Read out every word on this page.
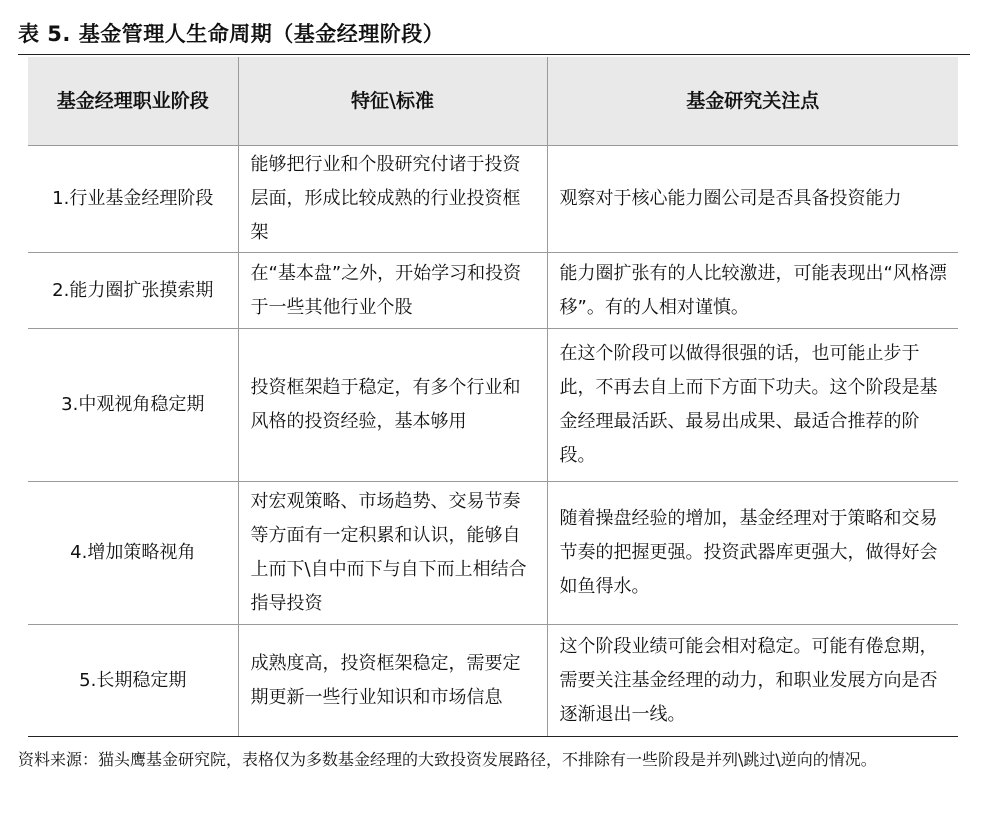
表 5. 基金管理人生命周期（基金经理阶段）
基金经理职业阶段	特征\标准	基金研究关注点
1.行业基金经理阶段	能够把行业和个股研究付诸于投资层面，形成比较成熟的行业投资框架	观察对于核心能力圈公司是否具备投资能力
2.能力圈扩张摸索期	在“基本盘”之外，开始学习和投资于一些其他行业个股	能力圈扩张有的人比较激进，可能表现出“风格漂移”。有的人相对谨慎。
3.中观视角稳定期	投资框架趋于稳定，有多个行业和风格的投资经验，基本够用	在这个阶段可以做得很强的话，也可能止步于此，不再去自上而下方面下功夫。这个阶段是基金经理最活跃、最易出成果、最适合推荐的阶段。
4.增加策略视角	对宏观策略、市场趋势、交易节奏等方面有一定积累和认识，能够自上而下\自中而下与自下而上相结合指导投资	随着操盘经验的增加，基金经理对于策略和交易节奏的把握更强。投资武器库更强大，做得好会如鱼得水。
5.长期稳定期	成熟度高，投资框架稳定，需要定期更新一些行业知识和市场信息	这个阶段业绩可能会相对稳定。可能有倦怠期，需要关注基金经理的动力，和职业发展方向是否逐渐退出一线。
资料来源：猫头鹰基金研究院，表格仅为多数基金经理的大致投资发展路径，不排除有一些阶段是并列\跳过\逆向的情况。
